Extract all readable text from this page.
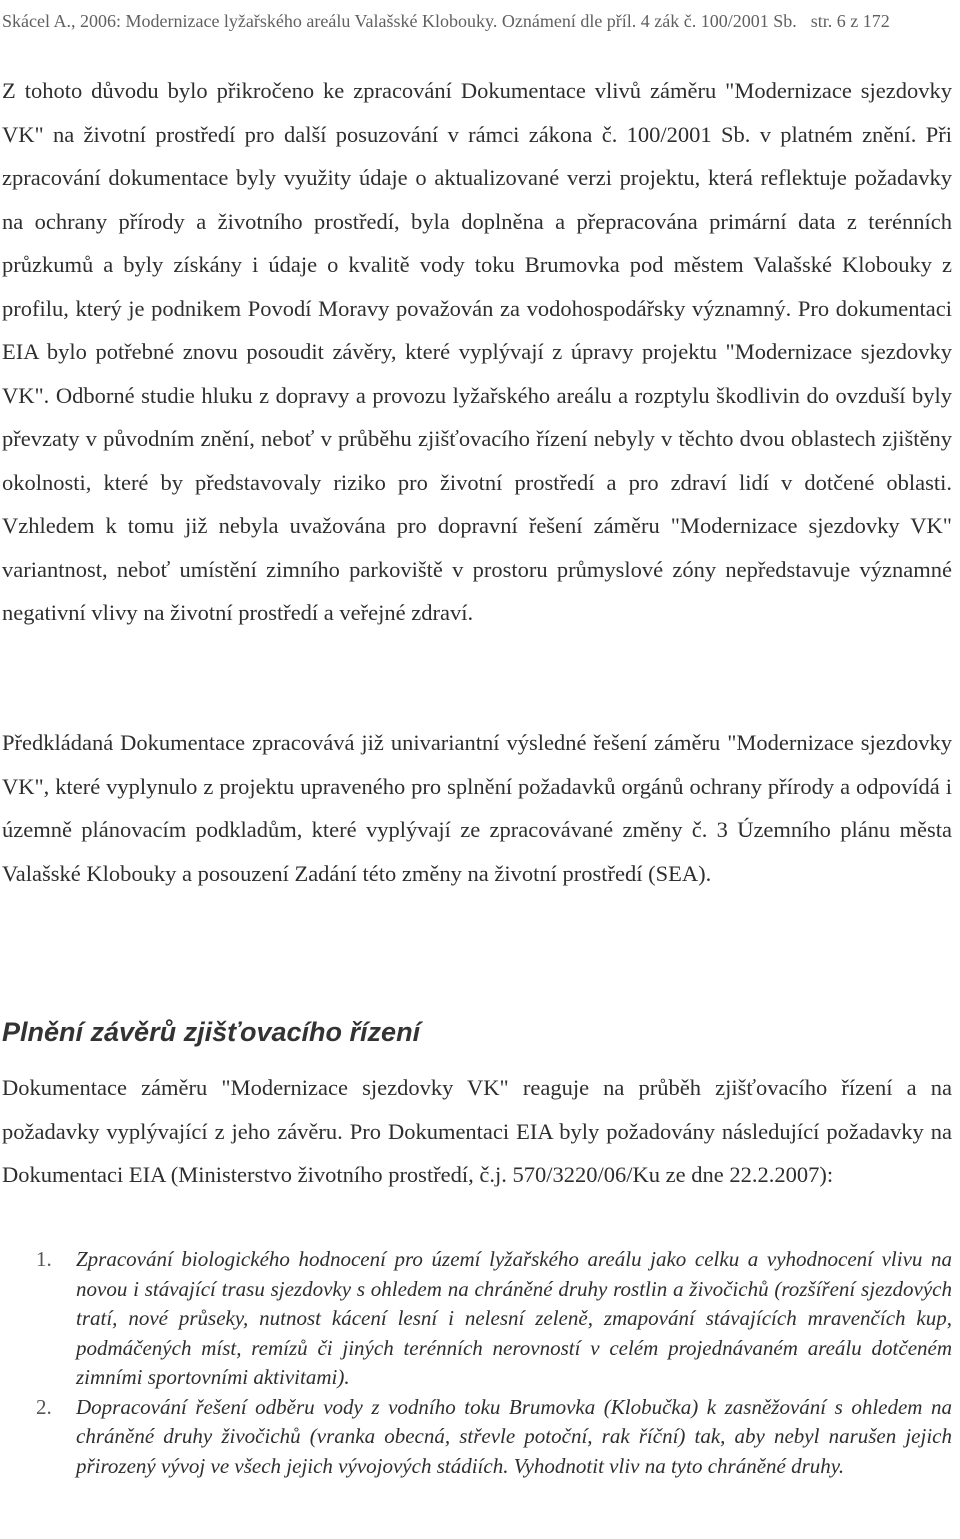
Skácel A., 2006: Modernizace lyžařského areálu Valašské Klobouky. Oznámení dle příl. 4 zák č. 100/2001 Sb. str. 6 z 172

Z tohoto důvodu bylo přikročeno ke zpracování Dokumentace vlivů záměru "Modernizace sjezdovky VK" na životní prostředí pro další posuzování v rámci zákona č. 100/2001 Sb. v platném znění. Při zpracování dokumentace byly využity údaje o aktualizované verzi projektu, která reflektuje požadavky na ochrany přírody a životního prostředí, byla doplněna a přepracována primární data z terénních průzkumů a byly získány i údaje o kvalitě vody toku Brumovka pod městem Valašské Klobouky z profilu, který je podnikem Povodí Moravy považován za vodohospodářsky významný. Pro dokumentaci EIA bylo potřebné znovu posoudit závěry, které vyplývají z úpravy projektu "Modernizace sjezdovky VK". Odborné studie hluku z dopravy a provozu lyžařského areálu a rozptylu škodlivin do ovzduší byly převzaty v původním znění, neboť v průběhu zjišťovacího řízení nebyly v těchto dvou oblastech zjištěny okolnosti, které by představovaly riziko pro životní prostředí a pro zdraví lidí v dotčené oblasti. Vzhledem k tomu již nebyla uvažována pro dopravní řešení záměru "Modernizace sjezdovky VK" variantnost, neboť umístění zimního parkoviště v prostoru průmyslové zóny nepředstavuje významné negativní vlivy na životní prostředí a veřejné zdraví.

Předkládaná Dokumentace zpracovává již univariantní výsledné řešení záměru "Modernizace sjezdovky VK", které vyplynulo z projektu upraveného pro splnění požadavků orgánů ochrany přírody a odpovídá i územně plánovacím podkladům, které vyplývají ze zpracovávané změny č. 3 Územního plánu města Valašské Klobouky a posouzení Zadání této změny na životní prostředí (SEA).

Plnění závěrů zjišťovacího řízení

Dokumentace záměru "Modernizace sjezdovky VK" reaguje na průběh zjišťovacího řízení a na požadavky vyplývající z jeho závěru. Pro Dokumentaci EIA byly požadovány následující požadavky na Dokumentaci EIA (Ministerstvo životního prostředí, č.j. 570/3220/06/Ku ze dne 22.2.2007):

1. Zpracování biologického hodnocení pro území lyžařského areálu jako celku a vyhodnocení vlivu na novou i stávající trasu sjezdovky s ohledem na chráněné druhy rostlin a živočichů (rozšíření sjezdových tratí, nové průseky, nutnost kácení lesní i nelesní zeleně, zmapování stávajících mravenčích kup, podmáčených míst, remízů či jiných terénních nerovností v celém projednávaném areálu dotčeném zimními sportovními aktivitami).
2. Dopracování řešení odběru vody z vodního toku Brumovka (Klobučka) k zasněžování s ohledem na chráněné druhy živočichů (vranka obecná, střevle potoční, rak říční) tak, aby nebyl narušen jejich přirozený vývoj ve všech jejich vývojových stádiích. Vyhodnotit vliv na tyto chráněné druhy.
